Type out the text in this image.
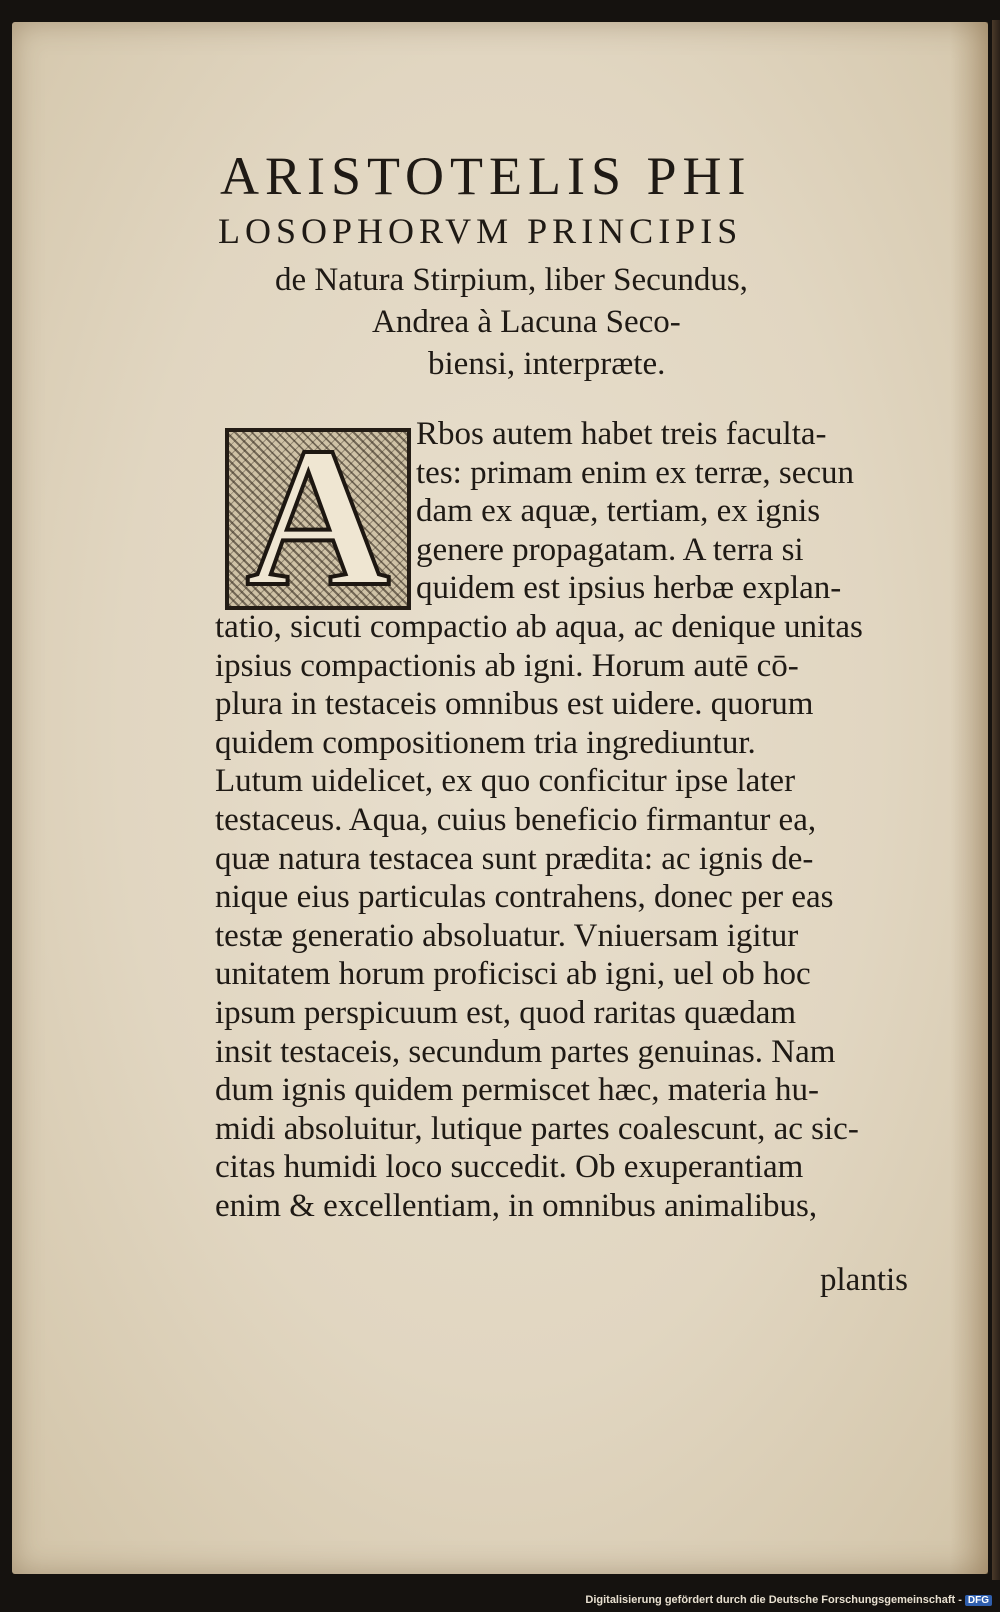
ARISTOTELIS PHI
LOSOPHORVM PRINCIPIS
de Natura Stirpium, liber Secundus,
Andrea à Lacuna Seco-
biensi, interpræte.
A Rbos autem habet treis faculta-
tes: primam enim ex terræ, secun
dam ex aquæ, tertiam, ex ignis
genere propagatam. A terra si
quidem est ipsius herbæ explan-
tatio, sicuti compactio ab aqua, ac denique unitas
ipsius compactionis ab igni. Horum autē cō-
plura in testaceis omnibus est uidere. quorum
quidem compositionem tria ingrediuntur.
Lutum uidelicet, ex quo conficitur ipse later
testaceus. Aqua, cuius beneficio firmantur ea,
quæ natura testacea sunt prædita: ac ignis de-
nique eius particulas contrahens, donec per eas
testæ generatio absoluatur. Vniuersam igitur
unitatem horum proficisci ab igni, uel ob hoc
ipsum perspicuum est, quod raritas quædam
insit testaceis, secundum partes genuinas. Nam
dum ignis quidem permiscet hæc, materia hu-
midi absoluitur, lutique partes coalescunt, ac sic-
citas humidi loco succedit. Ob exuperantiam
enim & excellentiam, in omnibus animalibus,
plantis
Digitalisierung gefördert durch die Deutsche Forschungsgemeinschaft - DFG
